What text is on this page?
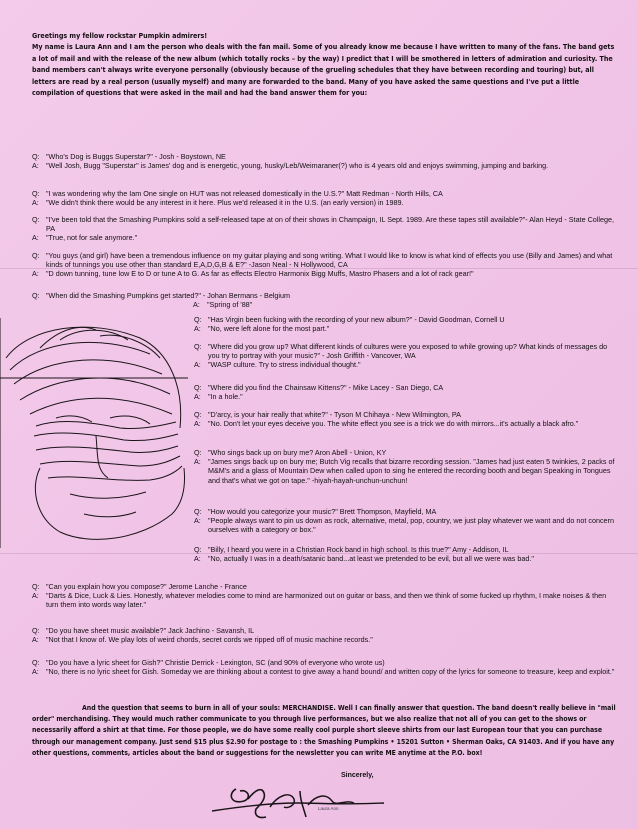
Greetings my fellow rockstar Pumpkin admirers!
My name is Laura Ann and I am the person who deals with the fan mail. Some of you already know me because I have written to many of the fans. The band gets a lot of mail and with the release of the new album (which totally rocks – by the way) I predict that I will be smothered in letters of admiration and curiosity. The band members can't always write everyone personally (obviously because of the grueling schedules that they have between recording and touring) but, all letters are read by a real person (usually myself) and many are forwarded to the band. Many of you have asked the same questions and I've put a little compilation of questions that were asked in the mail and had the band answer them for you:
Q: "Who's Dog is Buggs Superstar?" - Josh - Boystown, NE
A:	"Well Josh, Bugg "Superstar" is James' dog and is energetic, young, husky/Leb/Weimaraner(?) who is 4 years old and enjoys swimming, jumping and barking.
Q: "I was wondering why the Iam One single on HUT was not released domestically in the U.S.?" Matt Redman - North Hills, CA
A:	"We didn't think there would be any interest in it here. Plus we'd released it in the U.S. (an early version) in 1989.
Q: "I've been told that the Smashing Pumpkins sold a self-released tape at on of their shows in Champaign, IL Sept. 1989. Are these tapes still available?"- Alan Heyd - State College, PA
A:	"True, not for sale anymore."
Q: "You guys (and girl) have been a tremendous influence on my guitar playing and song writing. What I would like to know is what kind of effects you use (Billy and James) and what kinds of tunnings you use other than standard E,A,D,G,B & E?" -Jason Neal - N Hollywood, CA
A:	"D down tunning, tune low E to D or tune A to G. As far as effects Electro Harmonix Bigg Muffs, Mastro Phasers and a lot of rack gear!"
Q: "When did the Smashing Pumpkins get started?" - Johan Bermans - Belgium
A:	"Spring of '88"
Q: "Has Virgin been fucking with the recording of your new album?" - David Goodman, Cornell U
A:	"No, were left alone for the most part."
Q: "Where did you grow up? What different kinds of cultures were you exposed to while growing up? What kinds of messages do you try to portray with your music?" - Josh Griffith - Vancover, WA
A:	"WASP culture. Try to stress individual thought."
Q: "Where did you find the Chainsaw Kittens?" - Mike Lacey - San Diego, CA
A:	"In a hole."
Q: "D'arcy, is your hair really that white?" - Tyson M Chihaya - New Wilmington, PA
A:	"No. Don't let your eyes deceive you. The white effect you see is a trick we do with mirrors...it's actually a black afro."
Q: "Who sings back up on bury me? Aron Abell - Union, KY
A:	"James sings back up on bury me; Butch Vig recalls that bizarre recording session. "James had just eaten 5 twinkies, 2 packs of M&M's and a glass of Mountain Dew when called upon to sing he entered the recording booth and began Speaking in Tongues and that's what we got on tape." -hiyah-hayah-unchun-unchun!
Q: "How would you categorize your music?" Brett Thompson, Mayfield, MA
A:	"People always want to pin us down as rock, alternative, metal, pop, country, we just play whatever we want and do not concern ourselves with a category or box."
Q: "Billy, I heard you were in a Christian Rock band in high school. Is this true?" Amy - Addison, IL
A:	"No, actually I was in a death/satanic band...at least we pretended to be evil, but all we were was bad."
Q: "Can you explain how you compose?" Jerome Lanche - France
A:	"Darts & Dice, Luck & Lies. Honestly, whatever melodies come to mind are harmonized out on guitar or bass, and then we think of some fucked up rhythm, I make noises & then turn them into words way later."
Q: "Do you have sheet music available?" Jack Jachino - Savansh, IL
A:	"Not that I know of. We play lots of weird chords, secret cords we ripped off of music machine records."
Q: "Do you have a lyric sheet for Gish?" Christie Derrick - Lexington, SC (and 90% of everyone who wrote us)
A:	"No, there is no lyric sheet for Gish. Someday we are thinking about a contest to give away a hand bound/ and written copy of the lyrics for someone to treasure, keep and exploit."
And the question that seems to burn in all of your souls: MERCHANDISE. Well I can finally answer that question. The band doesn't really believe in "mail order" merchandising. They would much rather communicate to you through live performances, but we also realize that not all of you can get to the shows or necessarily afford a shirt at that time. For those people, we do have some really cool purple short sleeve shirts from our last European tour that you can purchase through our management company. Just send $15 plus $2.90 for postage to : the Smashing Pumpkins • 15201 Sutton • Sherman Oaks, CA 91403. And if you have any other questions, comments, articles about the band or suggestions for the newsletter you can write ME anytime at the P.O. box!
Sincerely,
Laura Ann
